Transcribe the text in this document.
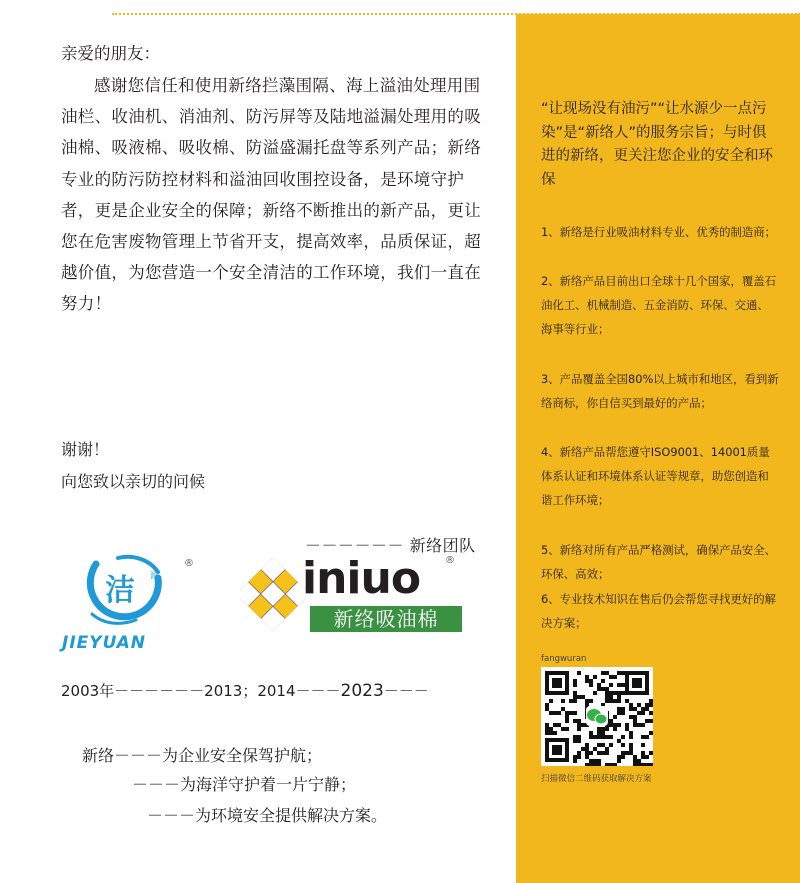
亲爱的朋友：

感谢您信任和使用新络拦藻围隔、海上溢油处理用围油栏、收油机、消油剂、防污屏等及陆地溢漏处理用的吸油棉、吸液棉、吸收棉、防溢盛漏托盘等系列产品；新络专业的防污防控材料和溢油回收围控设备，是环境守护者，更是企业安全的保障；新络不断推出的新产品，更让您在危害废物管理上节省开支，提高效率，品质保证，超越价值，为您营造一个安全清洁的工作环境，我们一直在努力！

谢谢！
向您致以亲切的问候
－－－－－－ 新络团队
洁 源
®
JIEYUAN
iniuo ®
新络吸油棉
2003年－－－－－－2013；2014－－－2023－－－
新络－－－为企业安全保驾护航；
－－－为海洋守护着一片宁静；
－－－为环境安全提供解决方案。

“让现场没有油污”“让水源少一点污染”是“新络人”的服务宗旨；与时俱进的新络，更关注您企业的安全和环保

1、新络是行业吸油材料专业、优秀的制造商；

2、新络产品目前出口全球十几个国家，覆盖石油化工、机械制造、五金消防、环保、交通、海事等行业；

3、产品覆盖全国80%以上城市和地区，看到新络商标，你自信买到最好的产品；

4、新络产品帮您遵守ISO9001、14001质量体系认证和环境体系认证等规章，助您创造和谐工作环境；

5、新络对所有产品严格测试，确保产品安全、环保、高效；

6、专业技术知识在售后仍会帮您寻找更好的解决方案；

fangwuran
扫描微信二维码获取解决方案
